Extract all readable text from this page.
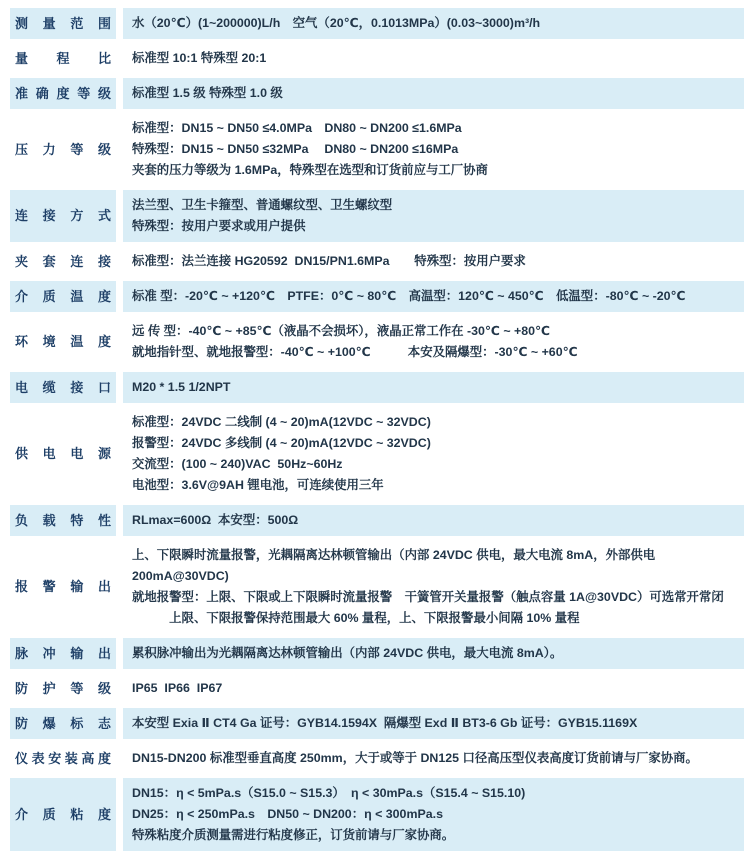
测量范围 水（20℃）(1~200000)L/h　空气（20℃，0.1013MPa）(0.03~3000)m³/h
量程比 标准型 10:1 特殊型 20:1
准确度等级 标准型 1.5 级 特殊型 1.0 级
压力等级
标准型：DN15 ~ DN50 ≤4.0MPa　DN80 ~ DN200 ≤1.6MPa
特殊型：DN15 ~ DN50 ≤32MPa　 DN80 ~ DN200 ≤16MPa
夹套的压力等级为 1.6MPa，特殊型在选型和订货前应与工厂协商
连接方式
法兰型、卫生卡箍型、普通螺纹型、卫生螺纹型
特殊型：按用户要求或用户提供
夹套连接 标准型：法兰连接 HG20592  DN15/PN1.6MPa　　特殊型：按用户要求
介质温度 标准 型：-20℃ ~ +120℃　PTFE：0℃ ~ 80℃　高温型：120℃ ~ 450℃　低温型：-80℃ ~ -20℃
环境温度
远 传 型：-40℃ ~ +85℃（液晶不会损坏），液晶正常工作在 -30℃ ~ +80℃
就地指针型、就地报警型：-40℃ ~ +100℃　　　本安及隔爆型：-30℃ ~ +60℃
电缆接口 M20 * 1.5 1/2NPT
供电电源
标准型：24VDC 二线制 (4 ~ 20)mA(12VDC ~ 32VDC)
报警型：24VDC 多线制 (4 ~ 20)mA(12VDC ~ 32VDC)
交流型：(100 ~ 240)VAC  50Hz~60Hz
电池型：3.6V@9AH 锂电池，可连续使用三年
负载特性 RLmax=600Ω  本安型：500Ω
报警输出
上、下限瞬时流量报警，光耦隔离达林顿管输出（内部 24VDC 供电，最大电流 8mA，外部供电 200mA@30VDC)
就地报警型：上限、下限或上下限瞬时流量报警　干簧管开关量报警（触点容量 1A@30VDC）可选常开常闭
　　　上限、下限报警保持范围最大 60% 量程，上、下限报警最小间隔 10% 量程
脉冲输出 累积脉冲输出为光耦隔离达林顿管输出（内部 24VDC 供电，最大电流 8mA）。
防护等级 IP65  IP66  IP67
防爆标志 本安型 Exia Ⅱ CT4 Ga 证号：GYB14.1594X  隔爆型 Exd Ⅱ BT3-6 Gb 证号：GYB15.1169X
仪表安装高度 DN15-DN200 标准型垂直高度 250mm，大于或等于 DN125 口径高压型仪表高度订货前请与厂家协商。
介质粘度
DN15：η < 5mPa.s（S15.0 ~ S15.3）　η < 30mPa.s（S15.4 ~ S15.10)
DN25：η < 250mPa.s　DN50 ~ DN200：η < 300mPa.s
特殊粘度介质测量需进行粘度修正，订货前请与厂家协商。
